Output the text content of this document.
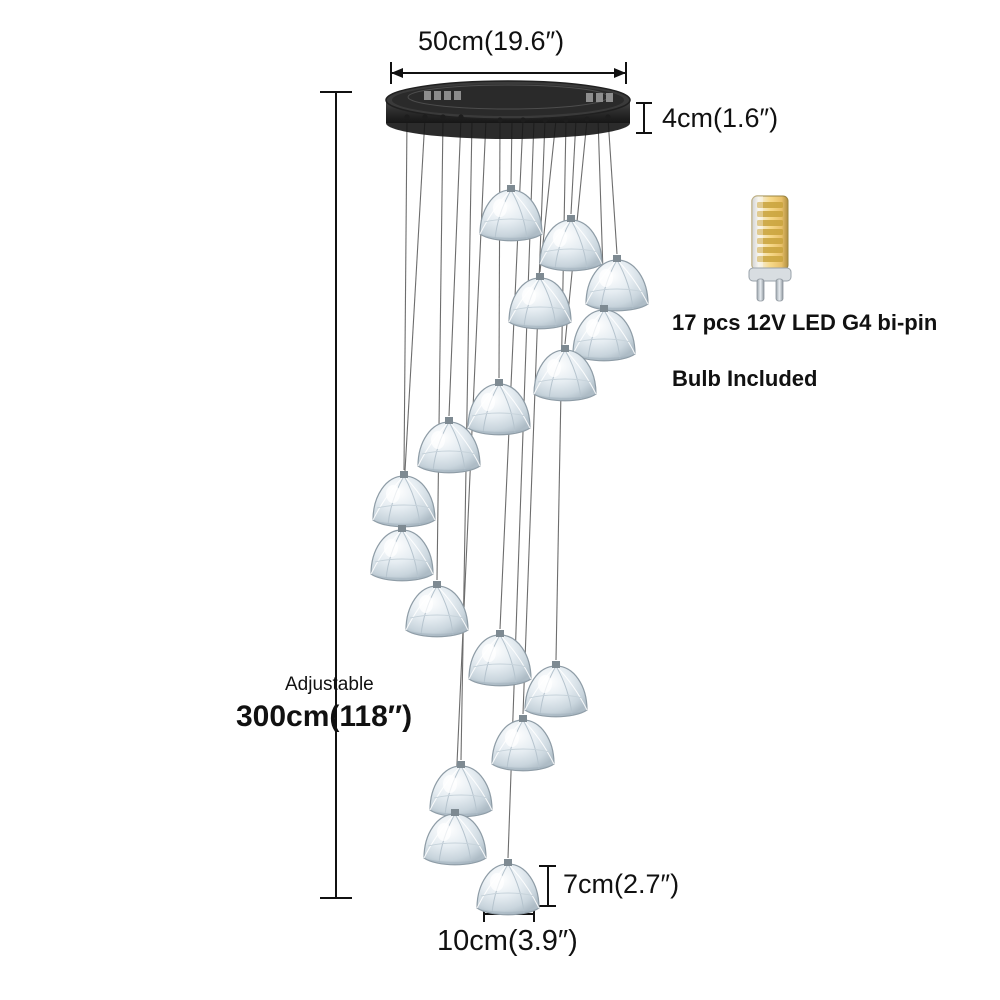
50cm(19.6″)
4cm(1.6″)
Adjustable
300cm(118″)
7cm(2.7″)
10cm(3.9″)
17 pcs 12V LED G4 bi-pin
Bulb Included
